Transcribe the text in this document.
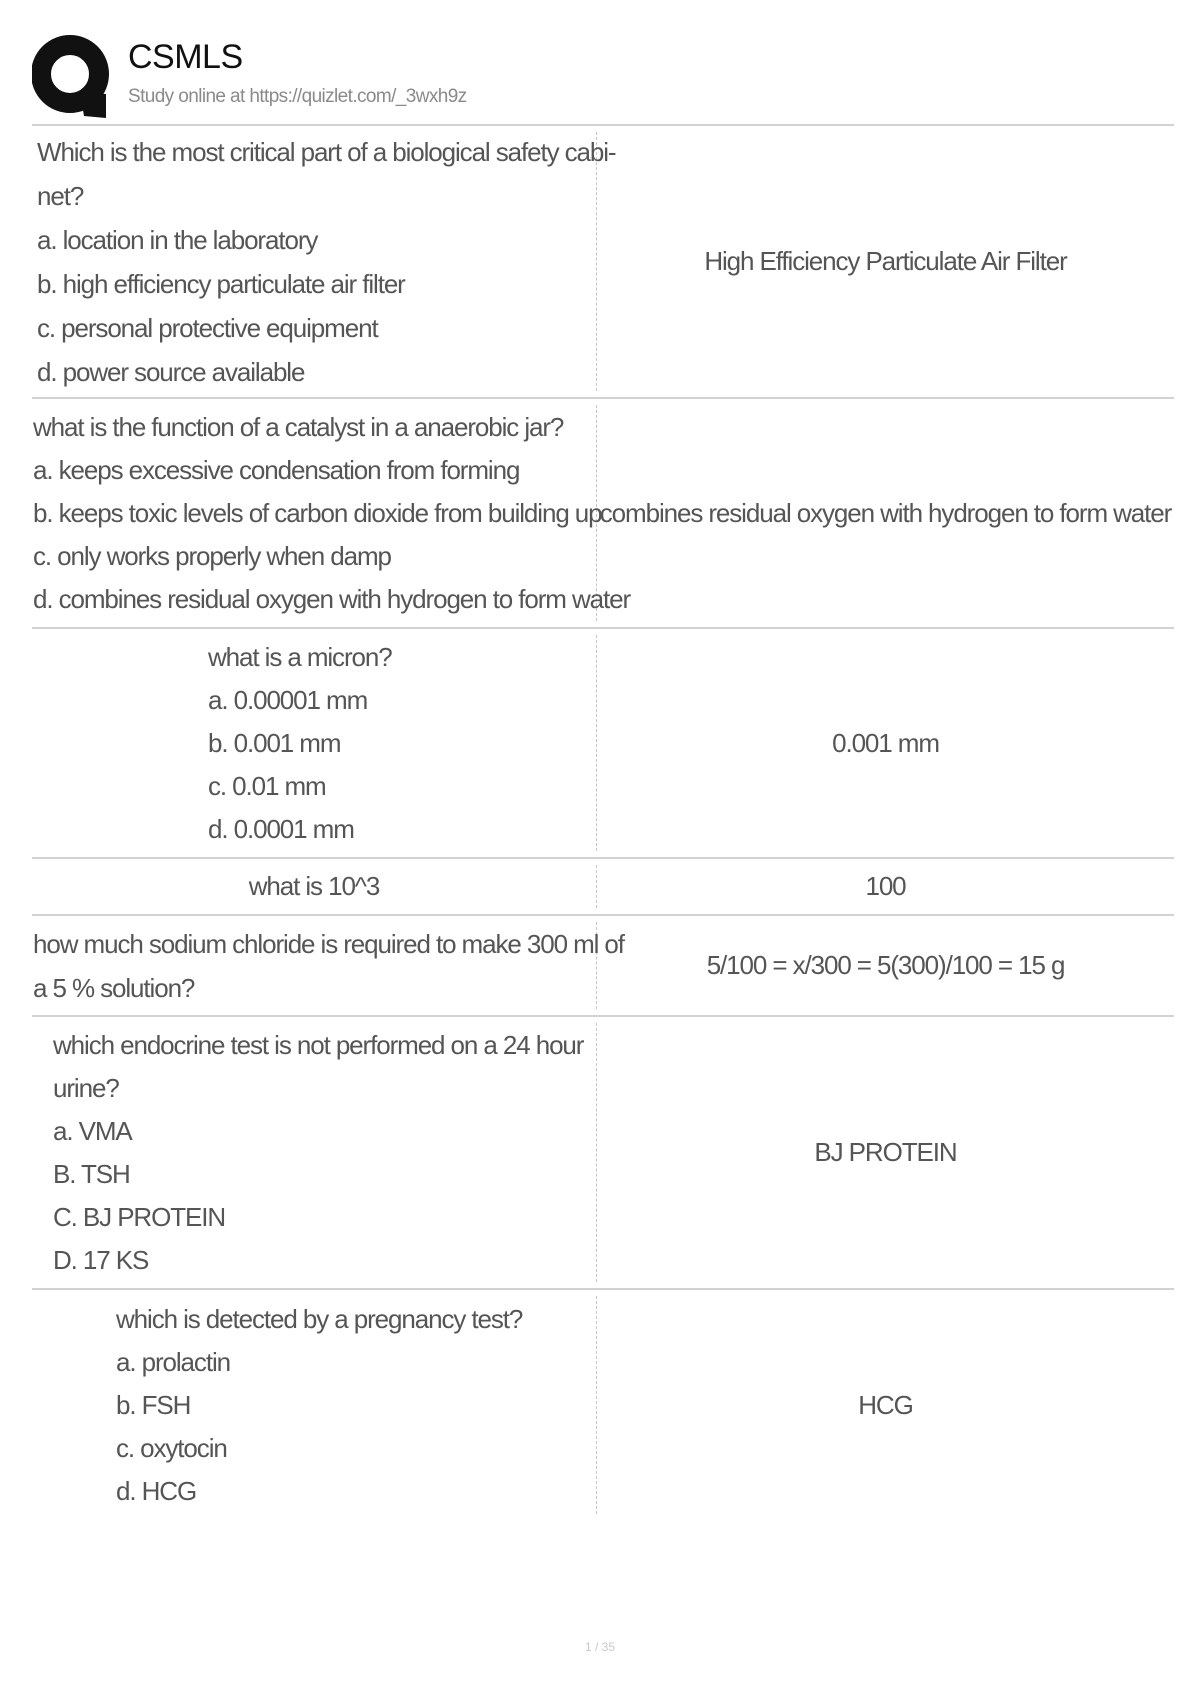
CSMLS
Study online at https://quizlet.com/_3wxh9z
Which is the most critical part of a biological safety cabi-
net?
a. location in the laboratory
b. high efficiency particulate air filter
c. personal protective equipment
d. power source available
High Efficiency Particulate Air Filter
what is the function of a catalyst in a anaerobic jar?
a. keeps excessive condensation from forming
b. keeps toxic levels of carbon dioxide from building up
c. only works properly when damp
d. combines residual oxygen with hydrogen to form water
combines residual oxygen with hydrogen to form water
what is a micron?
a. 0.00001 mm
b. 0.001 mm
c. 0.01 mm
d. 0.0001 mm
0.001 mm
what is 10^3	100
how much sodium chloride is required to make 300 ml of
a 5 % solution?
5/100 = x/300 = 5(300)/100 = 15 g
which endocrine test is not performed on a 24 hour
urine?
a. VMA
B. TSH
C. BJ PROTEIN
D. 17 KS
BJ PROTEIN
which is detected by a pregnancy test?
a. prolactin
b. FSH
c. oxytocin
d. HCG
HCG
1 / 35
